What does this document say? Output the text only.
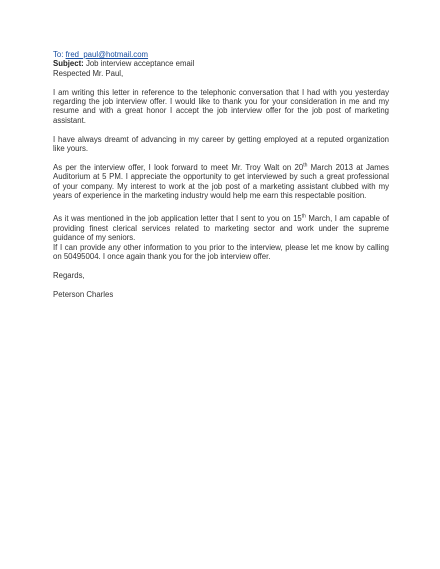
To: fred_paul@hotmail.com

Subject: Job interview acceptance email

Respected Mr. Paul,

I am writing this letter in reference to the telephonic conversation that I had with you yesterday regarding the job interview offer. I would like to thank you for your consideration in me and my resume and with a great honor I accept the job interview offer for the job post of marketing assistant.

I have always dreamt of advancing in my career by getting employed at a reputed organization like yours.

As per the interview offer, I look forward to meet Mr. Troy Walt on 20th March 2013 at James Auditorium at 5 PM. I appreciate the opportunity to get interviewed by such a great professional of your company. My interest to work at the job post of a marketing assistant clubbed with my years of experience in the marketing industry would help me earn this respectable position.

As it was mentioned in the job application letter that I sent to you on 15th March, I am capable of providing finest clerical services related to marketing sector and work under the supreme guidance of my seniors.

If I can provide any other information to you prior to the interview, please let me know by calling on 50495004. I once again thank you for the job interview offer.

Regards,

Peterson Charles
